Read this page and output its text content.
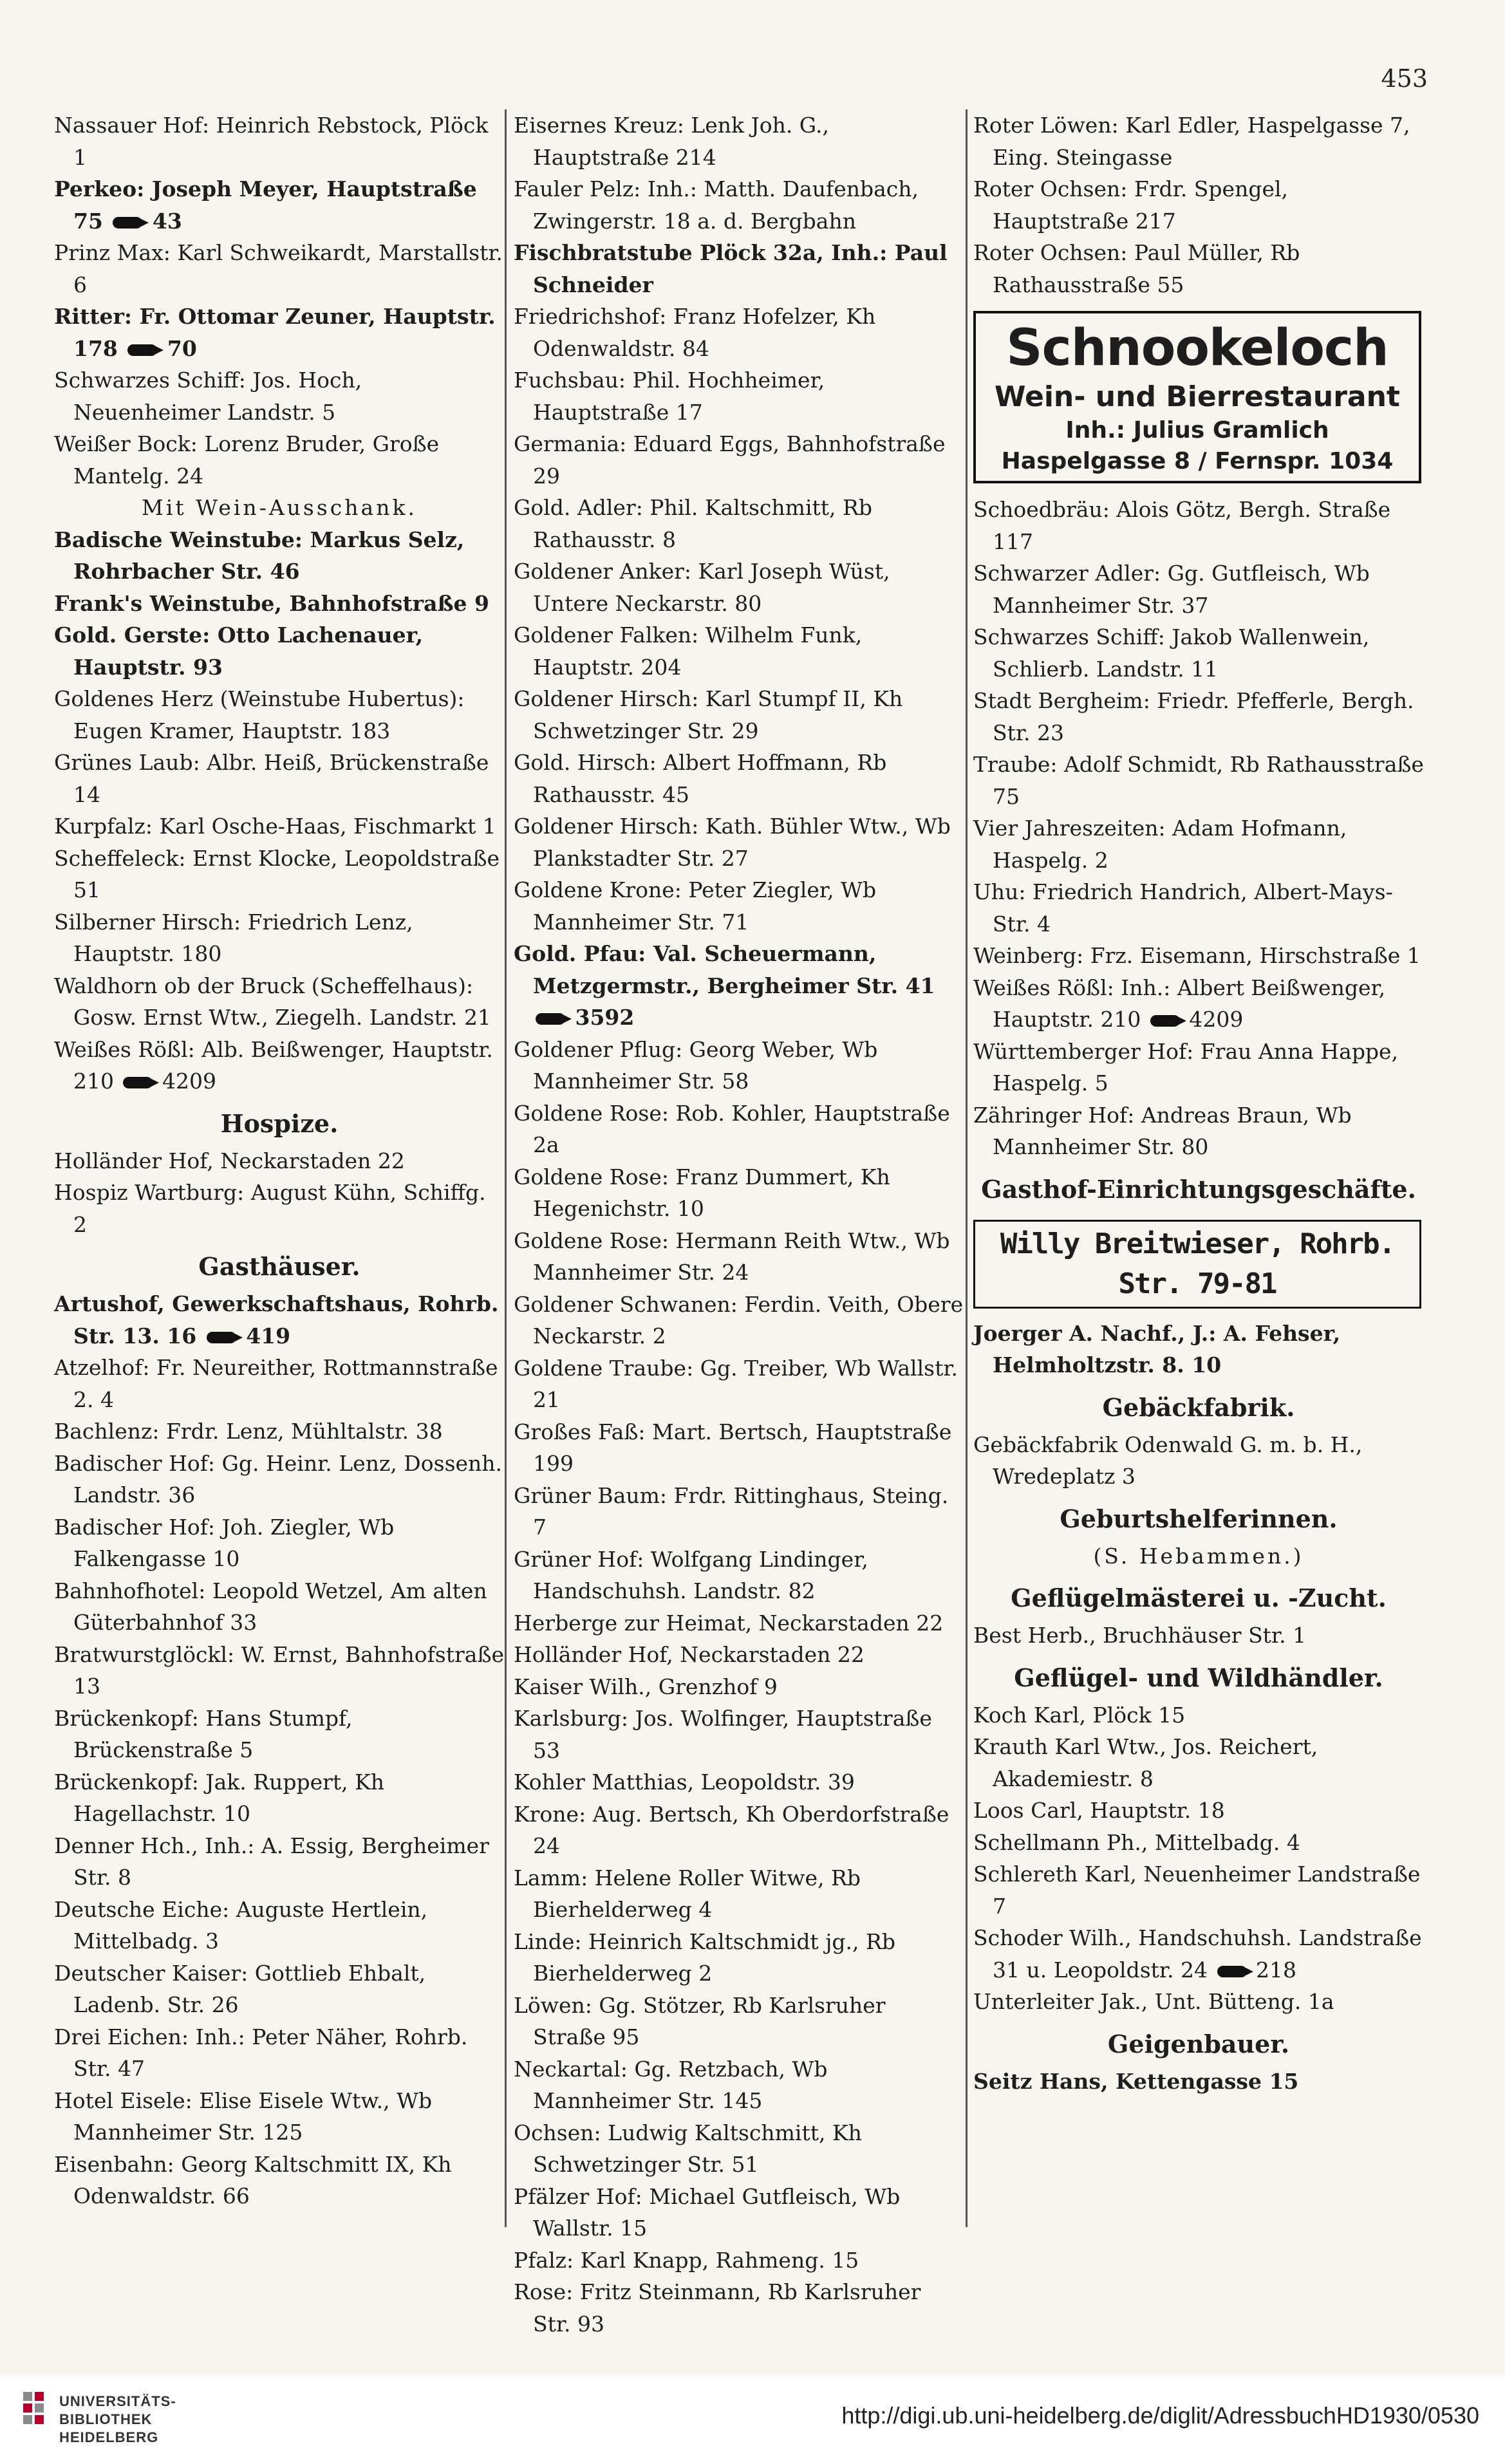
453

Nassauer Hof: Heinrich Rebstock, Plöck 1

Perkeo: Joseph Meyer, Hauptstraße 75  43

Prinz Max: Karl Schweikardt, Marstallstr. 6

Ritter: Fr. Ottomar Zeuner, Hauptstr. 178  70

Schwarzes Schiff: Jos. Hoch, Neuenheimer Landstr. 5

Weißer Bock: Lorenz Bruder, Große Mantelg. 24

Mit Wein-Ausschank.

Badische Weinstube: Markus Selz, Rohrbacher Str. 46

Frank's Weinstube, Bahnhofstraße 9

Gold. Gerste: Otto Lachenauer, Hauptstr. 93

Goldenes Herz (Weinstube Hubertus): Eugen Kramer, Hauptstr. 183

Grünes Laub: Albr. Heiß, Brückenstraße 14

Kurpfalz: Karl Osche-Haas, Fischmarkt 1

Scheffeleck: Ernst Klocke, Leopoldstraße 51

Silberner Hirsch: Friedrich Lenz, Hauptstr. 180

Waldhorn ob der Bruck (Scheffelhaus): Gosw. Ernst Wtw., Ziegelh. Landstr. 21

Weißes Rößl: Alb. Beißwenger, Hauptstr. 210  4209

Hospize.

Holländer Hof, Neckarstaden 22

Hospiz Wartburg: August Kühn, Schiffg. 2

Gasthäuser.

Artushof, Gewerkschaftshaus, Rohrb. Str. 13. 16  419

Atzelhof: Fr. Neureither, Rottmannstraße 2. 4

Bachlenz: Frdr. Lenz, Mühltalstr. 38

Badischer Hof: Gg. Heinr. Lenz, Dossenh. Landstr. 36

Badischer Hof: Joh. Ziegler, Wb Falkengasse 10

Bahnhofhotel: Leopold Wetzel, Am alten Güterbahnhof 33

Bratwurstglöckl: W. Ernst, Bahnhofstraße 13

Brückenkopf: Hans Stumpf, Brückenstraße 5

Brückenkopf: Jak. Ruppert, Kh Hagellachstr. 10

Denner Hch., Inh.: A. Essig, Bergheimer Str. 8

Deutsche Eiche: Auguste Hertlein, Mittelbadg. 3

Deutscher Kaiser: Gottlieb Ehbalt, Ladenb. Str. 26

Drei Eichen: Inh.: Peter Näher, Rohrb. Str. 47

Hotel Eisele: Elise Eisele Wtw., Wb Mannheimer Str. 125

Eisenbahn: Georg Kaltschmitt IX, Kh Odenwaldstr. 66

Eisernes Kreuz: Lenk Joh. G., Hauptstraße 214

Fauler Pelz: Inh.: Matth. Daufenbach, Zwingerstr. 18 a. d. Bergbahn

Fischbratstube Plöck 32a, Inh.: Paul Schneider

Friedrichshof: Franz Hofelzer, Kh Odenwaldstr. 84

Fuchsbau: Phil. Hochheimer, Hauptstraße 17

Germania: Eduard Eggs, Bahnhofstraße 29

Gold. Adler: Phil. Kaltschmitt, Rb Rathausstr. 8

Goldener Anker: Karl Joseph Wüst, Untere Neckarstr. 80

Goldener Falken: Wilhelm Funk, Hauptstr. 204

Goldener Hirsch: Karl Stumpf II, Kh Schwetzinger Str. 29

Gold. Hirsch: Albert Hoffmann, Rb Rathausstr. 45

Goldener Hirsch: Kath. Bühler Wtw., Wb Plankstadter Str. 27

Goldene Krone: Peter Ziegler, Wb Mannheimer Str. 71

Gold. Pfau: Val. Scheuermann, Metzgermstr., Bergheimer Str. 41  3592

Goldener Pflug: Georg Weber, Wb Mannheimer Str. 58

Goldene Rose: Rob. Kohler, Hauptstraße 2a

Goldene Rose: Franz Dummert, Kh Hegenichstr. 10

Goldene Rose: Hermann Reith Wtw., Wb Mannheimer Str. 24

Goldener Schwanen: Ferdin. Veith, Obere Neckarstr. 2

Goldene Traube: Gg. Treiber, Wb Wallstr. 21

Großes Faß: Mart. Bertsch, Hauptstraße 199

Grüner Baum: Frdr. Rittinghaus, Steing. 7

Grüner Hof: Wolfgang Lindinger, Handschuhsh. Landstr. 82

Herberge zur Heimat, Neckarstaden 22

Holländer Hof, Neckarstaden 22

Kaiser Wilh., Grenzhof 9

Karlsburg: Jos. Wolfinger, Hauptstraße 53

Kohler Matthias, Leopoldstr. 39

Krone: Aug. Bertsch, Kh Oberdorfstraße 24

Lamm: Helene Roller Witwe, Rb Bierhelderweg 4

Linde: Heinrich Kaltschmidt jg., Rb Bierhelderweg 2

Löwen: Gg. Stötzer, Rb Karlsruher Straße 95

Neckartal: Gg. Retzbach, Wb Mannheimer Str. 145

Ochsen: Ludwig Kaltschmitt, Kh Schwetzinger Str. 51

Pfälzer Hof: Michael Gutfleisch, Wb Wallstr. 15

Pfalz: Karl Knapp, Rahmeng. 15

Rose: Fritz Steinmann, Rb Karlsruher Str. 93

Roter Löwen: Karl Edler, Haspelgasse 7, Eing. Steingasse

Roter Ochsen: Frdr. Spengel, Hauptstraße 217

Roter Ochsen: Paul Müller, Rb Rathausstraße 55

Schnookeloch
Wein- und Bierrestaurant
Inh.: Julius Gramlich
Haspelgasse 8 / Fernspr. 1034

Schoedbräu: Alois Götz, Bergh. Straße 117

Schwarzer Adler: Gg. Gutfleisch, Wb Mannheimer Str. 37

Schwarzes Schiff: Jakob Wallenwein, Schlierb. Landstr. 11

Stadt Bergheim: Friedr. Pfefferle, Bergh. Str. 23

Traube: Adolf Schmidt, Rb Rathausstraße 75

Vier Jahreszeiten: Adam Hofmann, Haspelg. 2

Uhu: Friedrich Handrich, Albert-Mays-Str. 4

Weinberg: Frz. Eisemann, Hirschstraße 1

Weißes Rößl: Inh.: Albert Beißwenger, Hauptstr. 210  4209

Württemberger Hof: Frau Anna Happe, Haspelg. 5

Zähringer Hof: Andreas Braun, Wb Mannheimer Str. 80

Gasthof-Einrichtungsgeschäfte.
Willy Breitwieser, Rohrb. Str. 79-81

Joerger A. Nachf., J.: A. Fehser, Helmholtzstr. 8. 10

Gebäckfabrik.

Gebäckfabrik Odenwald G. m. b. H., Wredeplatz 3

Geburtshelferinnen.
(S. Hebammen.)
Geflügelmästerei u. -Zucht.

Best Herb., Bruchhäuser Str. 1

Geflügel- und Wildhändler.

Koch Karl, Plöck 15

Krauth Karl Wtw., Jos. Reichert, Akademiestr. 8

Loos Carl, Hauptstr. 18

Schellmann Ph., Mittelbadg. 4

Schlereth Karl, Neuenheimer Landstraße 7

Schoder Wilh., Handschuhsh. Landstraße 31 u. Leopoldstr. 24  218

Unterleiter Jak., Unt. Bütteng. 1a

Geigenbauer.

Seitz Hans, Kettengasse 15

UNIVERSITÄTS-
BIBLIOTHEK
HEIDELBERG
http://digi.ub.uni-heidelberg.de/diglit/AdressbuchHD1930/0530
